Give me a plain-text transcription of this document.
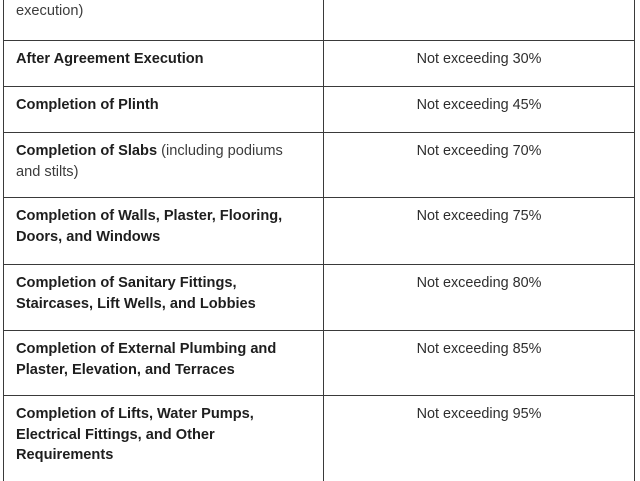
execution)
After Agreement Execution	Not exceeding 30%
Completion of Plinth	Not exceeding 45%
Completion of Slabs (including podiums and stilts)
Not exceeding 70%
Completion of Walls, Plaster, Flooring, Doors, and Windows
Not exceeding 75%
Completion of Sanitary Fittings, Staircases, Lift Wells, and Lobbies
Not exceeding 80%
Completion of External Plumbing and Plaster, Elevation, and Terraces
Not exceeding 85%
Completion of Lifts, Water Pumps, Electrical Fittings, and Other Requirements
Not exceeding 95%
